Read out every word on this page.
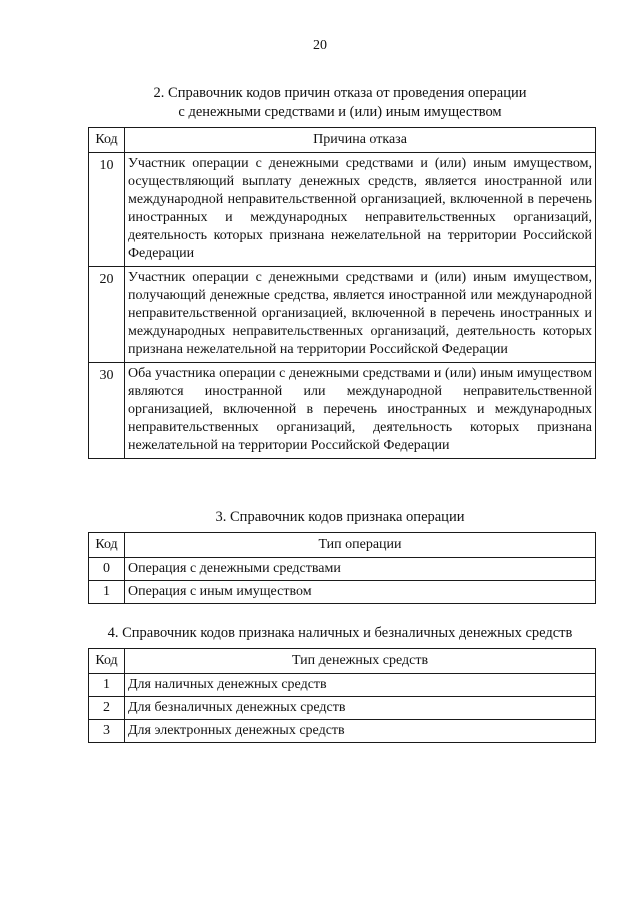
20
2. Справочник кодов причин отказа от проведения операции
с денежными средствами и (или) иным имуществом
Код	Причина отказа
10	Участник операции с денежными средствами и (или) иным имуществом, осуществляющий выплату денежных средств, является иностранной или международной неправительственной организацией, включенной в перечень иностранных и международных неправительственных организаций, деятельность которых признана нежелательной на территории Российской Федерации
20	Участник операции с денежными средствами и (или) иным имуществом, получающий денежные средства, является иностранной или международной неправительственной организацией, включенной в перечень иностранных и международных неправительственных организаций, деятельность которых признана нежелательной на территории Российской Федерации
30	Оба участника операции с денежными средствами и (или) иным имуществом являются иностранной или международной неправительственной организацией, включенной в перечень иностранных и международных неправительственных организаций, деятельность которых признана нежелательной на территории Российской Федерации
3. Справочник кодов признака операции
Код	Тип операции
0	Операция с денежными средствами
1	Операция с иным имуществом
4. Справочник кодов признака наличных и безналичных денежных средств
Код	Тип денежных средств
1	Для наличных денежных средств
2	Для безналичных денежных средств
3	Для электронных денежных средств
